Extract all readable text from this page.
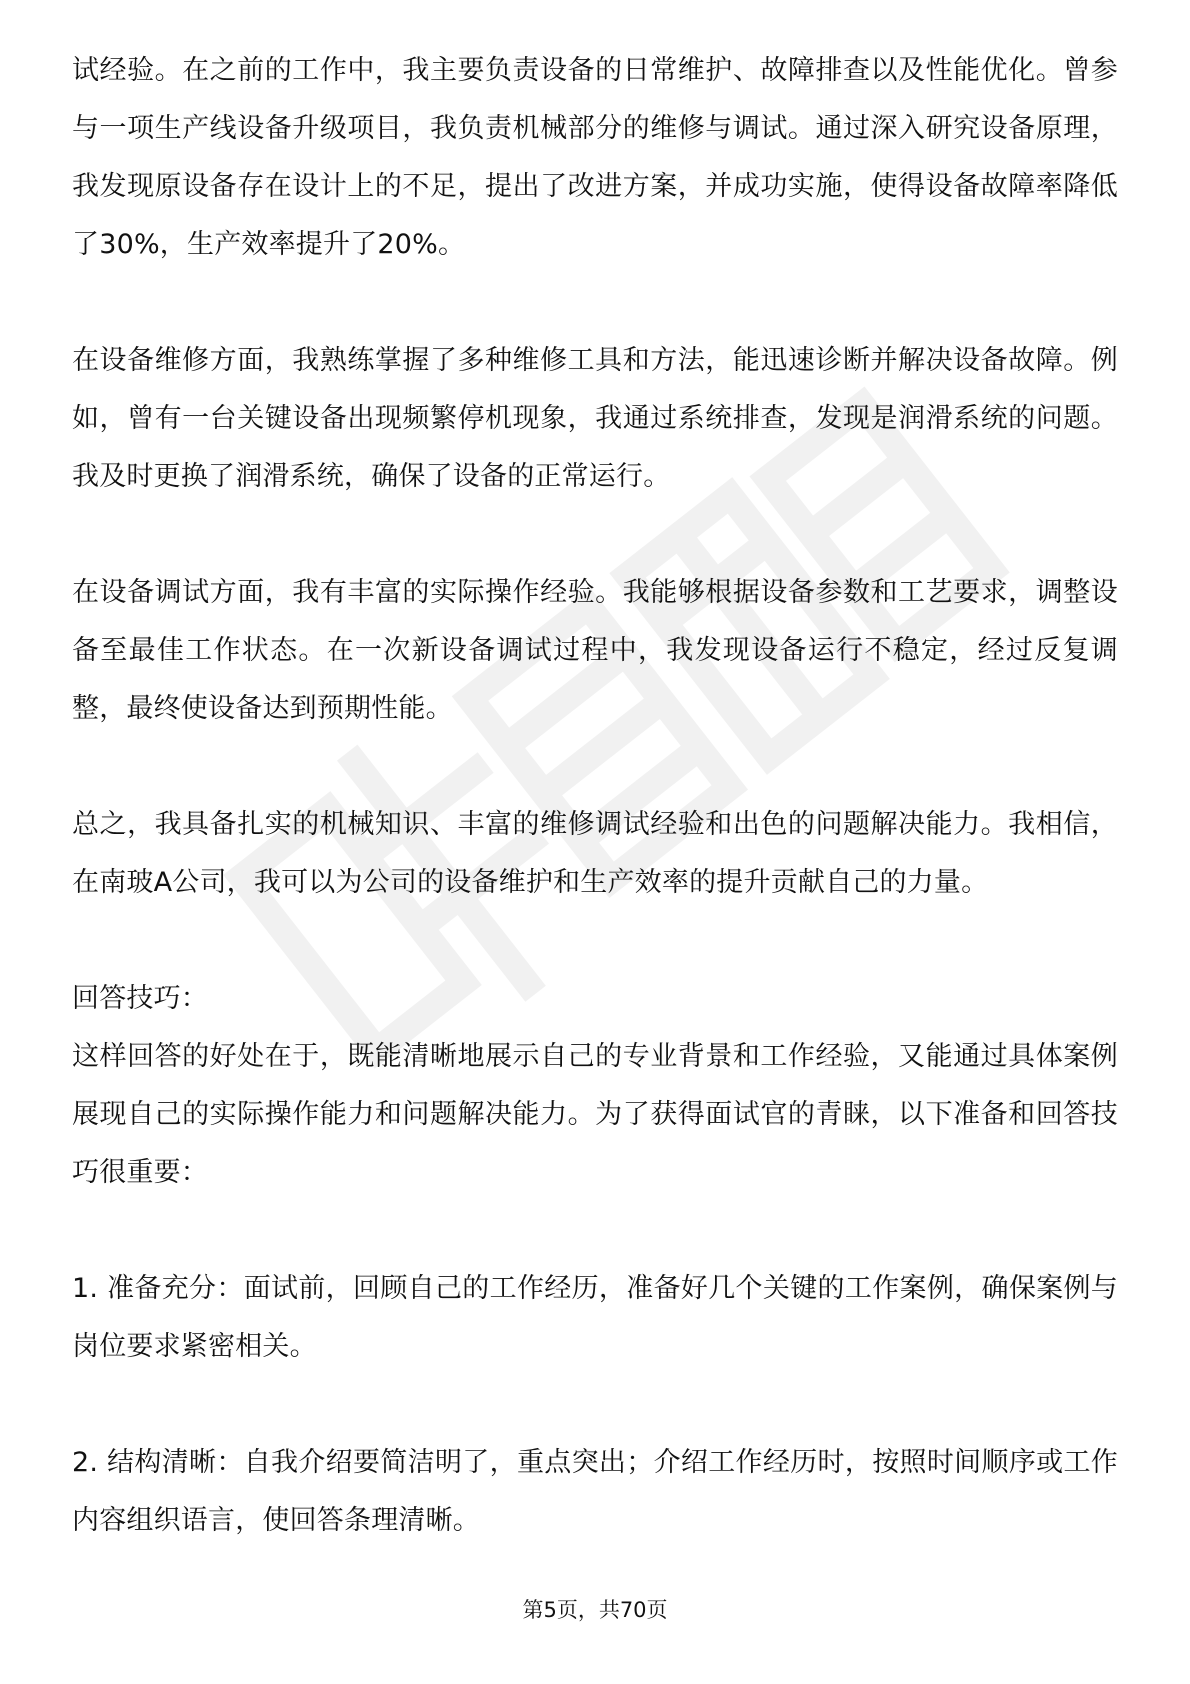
试经验。在之前的工作中，我主要负责设备的日常维护、故障排查以及性能优化。曾参与一项生产线设备升级项目，我负责机械部分的维修与调试。通过深入研究设备原理，我发现原设备存在设计上的不足，提出了改进方案，并成功实施，使得设备故障率降低了30%，生产效率提升了20%。

在设备维修方面，我熟练掌握了多种维修工具和方法，能迅速诊断并解决设备故障。例如，曾有一台关键设备出现频繁停机现象，我通过系统排查，发现是润滑系统的问题。我及时更换了润滑系统，确保了设备的正常运行。

在设备调试方面，我有丰富的实际操作经验。我能够根据设备参数和工艺要求，调整设备至最佳工作状态。在一次新设备调试过程中，我发现设备运行不稳定，经过反复调整，最终使设备达到预期性能。

总之，我具备扎实的机械知识、丰富的维修调试经验和出色的问题解决能力。我相信，在南玻A公司，我可以为公司的设备维护和生产效率的提升贡献自己的力量。

回答技巧：

这样回答的好处在于，既能清晰地展示自己的专业背景和工作经验，又能通过具体案例展现自己的实际操作能力和问题解决能力。为了获得面试官的青睐，以下准备和回答技巧很重要：

1. 准备充分：面试前，回顾自己的工作经历，准备好几个关键的工作案例，确保案例与岗位要求紧密相关。

2. 结构清晰：自我介绍要简洁明了，重点突出；介绍工作经历时，按照时间顺序或工作内容组织语言，使回答条理清晰。

第5页，共70页
